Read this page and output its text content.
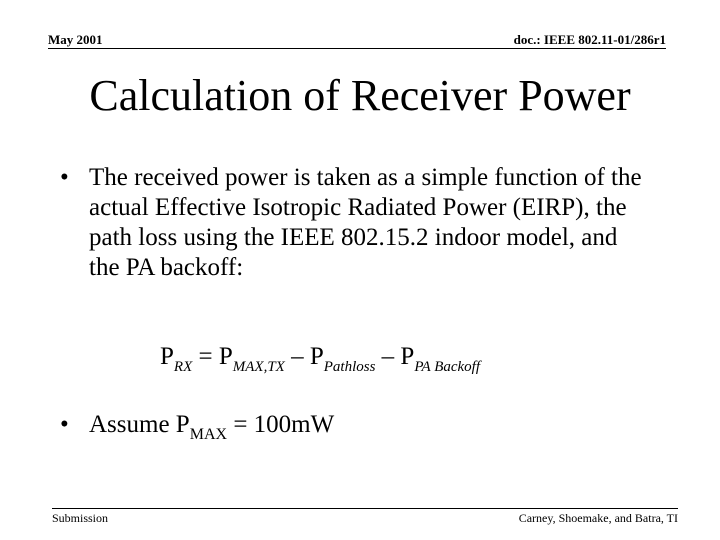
May 2001	doc.: IEEE 802.11-01/286r1
Calculation of Receiver Power
• The received power is taken as a simple function of the actual Effective Isotropic Radiated Power (EIRP), the path loss using the IEEE 802.15.2 indoor model, and the PA backoff:
$P_{RX} = P_{MAX,TX} - P_{Pathloss} - P_{PA Backoff}$
• Assume $P_{MAX} = 100mW$
Submission	Carney, Shoemake, and Batra, TI
